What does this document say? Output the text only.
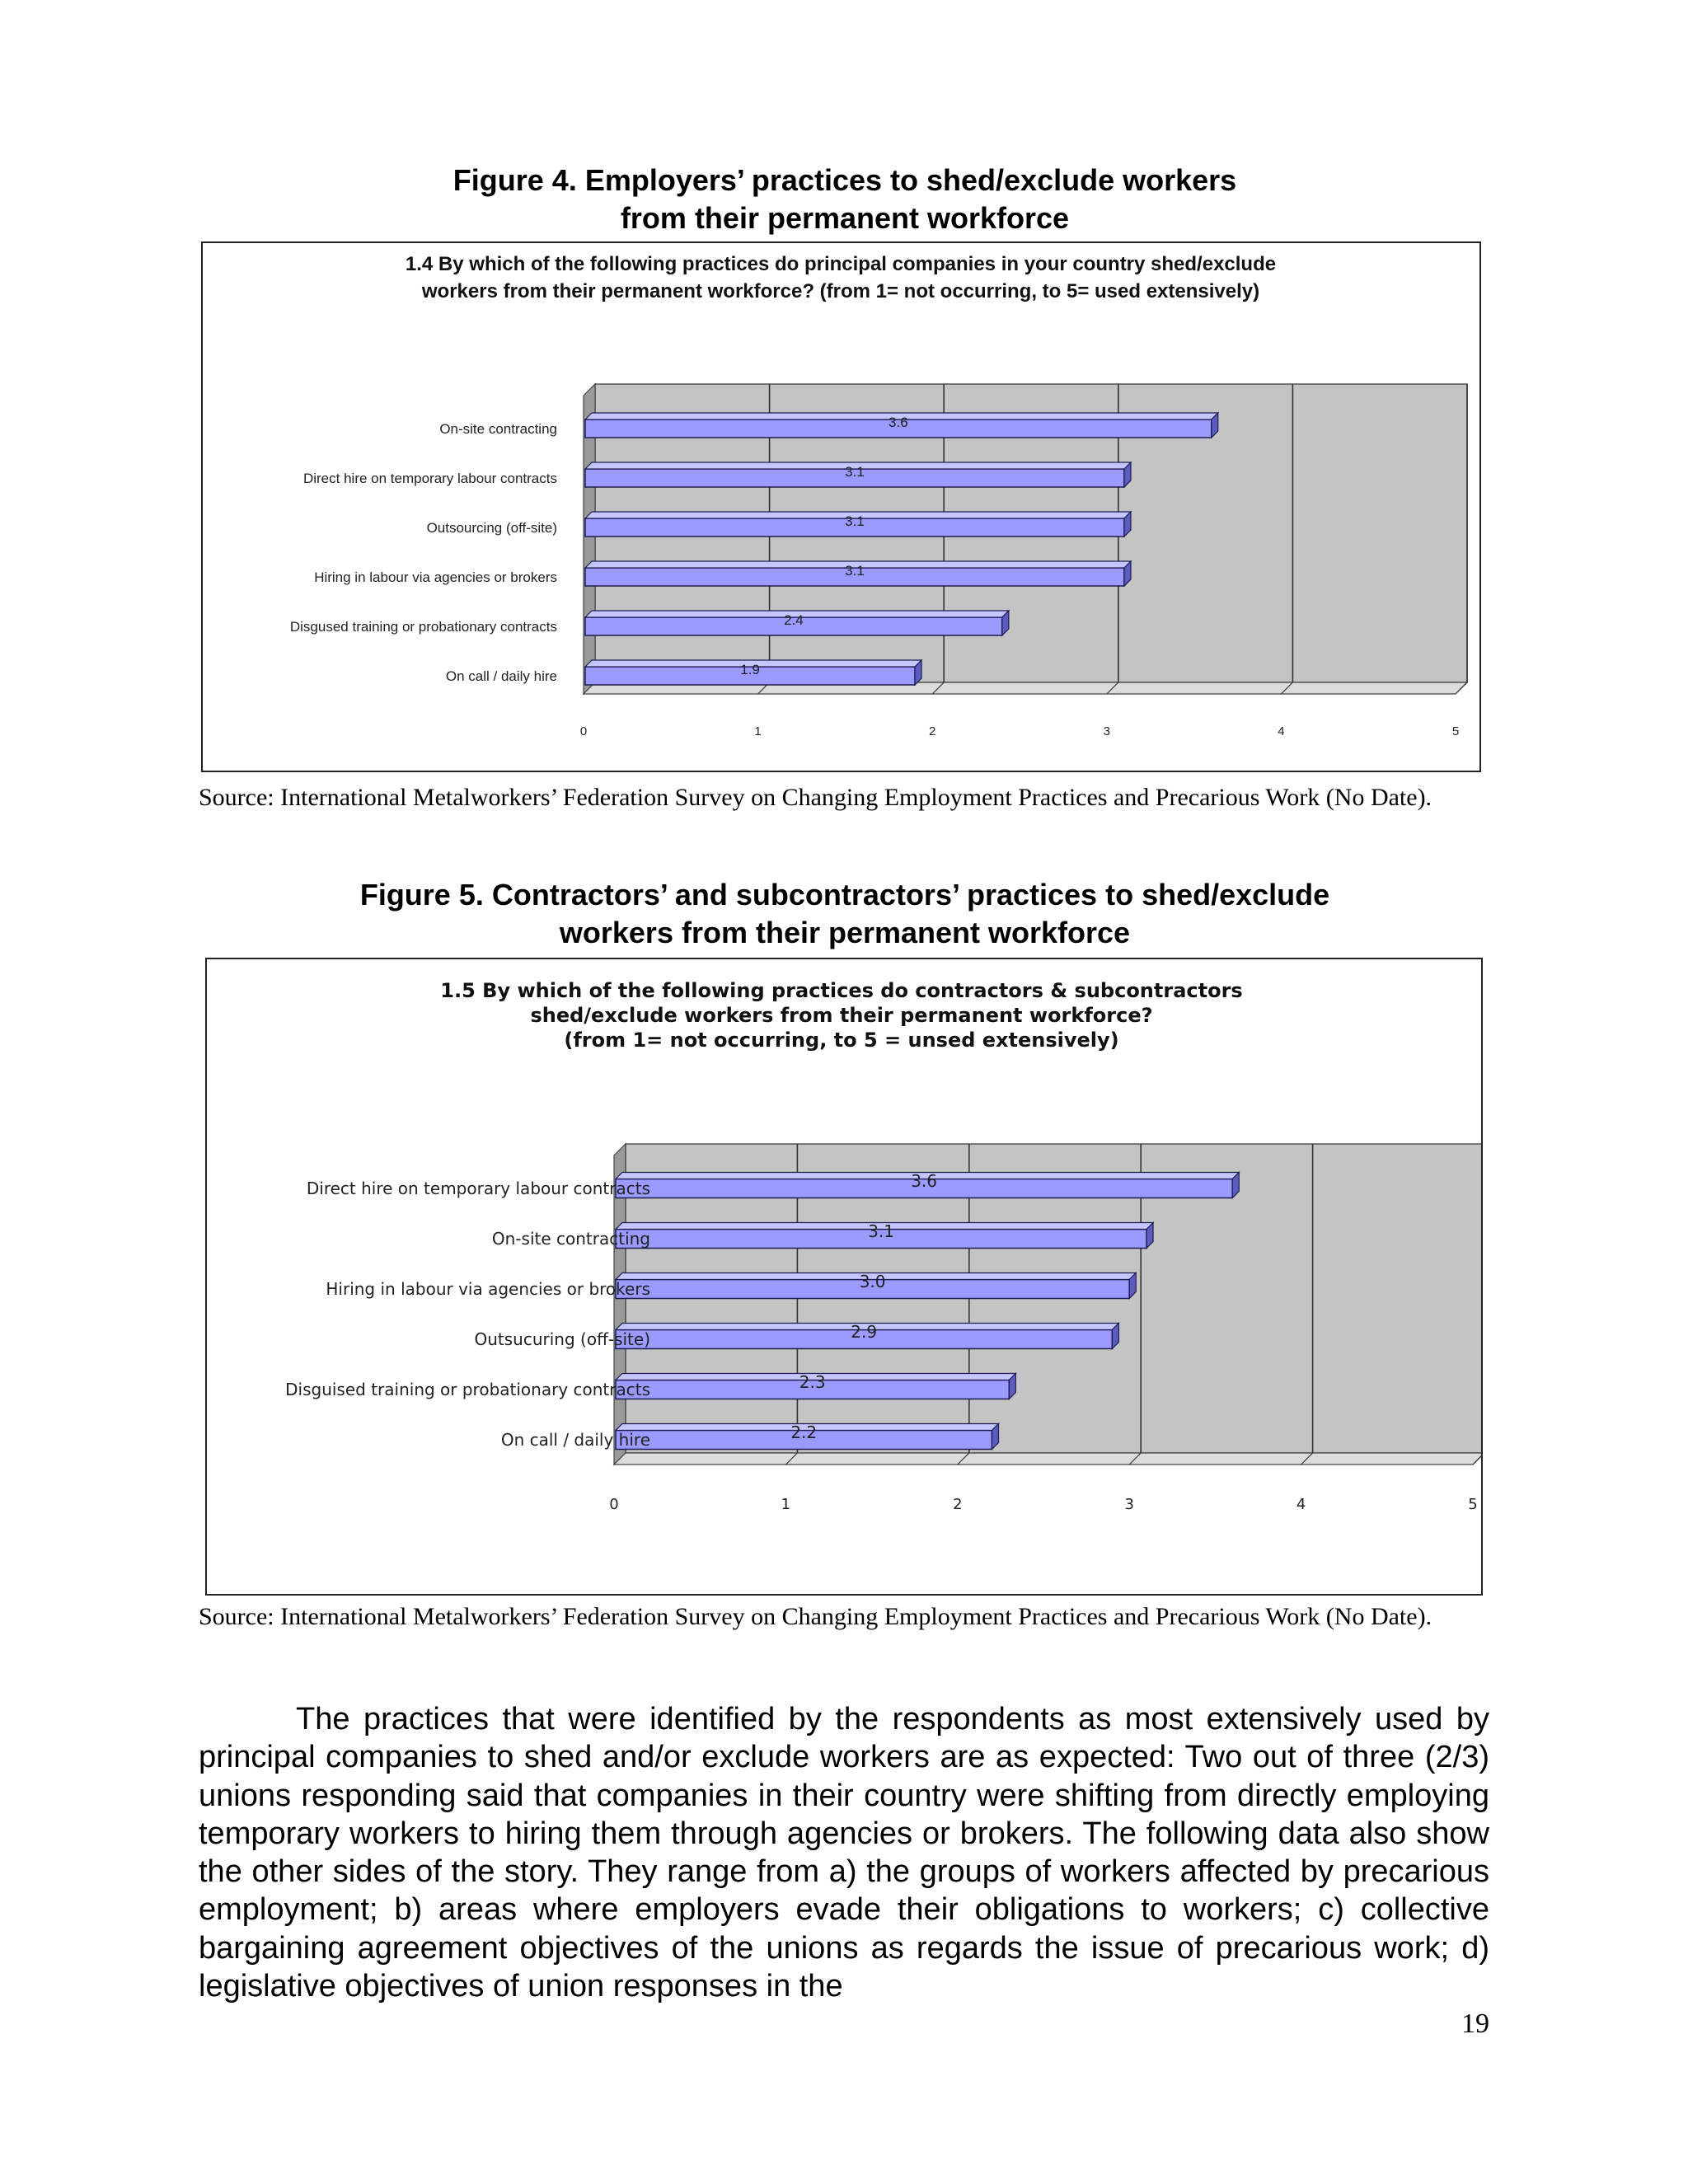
Figure 4. Employers’ practices to shed/exclude workers
from their permanent workforce
1.4 By which of the following practices do principal companies in your country shed/exclude
workers from their permanent workforce? (from 1= not occurring, to 5= used extensively)
0	1	2	3	4	5
3.6
On-site contracting
3.1
Direct hire on temporary labour contracts
3.1
Outsourcing (off-site)
3.1
Hiring in labour via agencies or brokers
2.4
Disgused training or probationary contracts
1.9
On call / daily hire
Source: International Metalworkers’ Federation Survey on Changing Employment Practices and Precarious Work (No Date).
Figure 5. Contractors’ and subcontractors’ practices to shed/exclude
workers from their permanent workforce
1.5 By which of the following practices do contractors & subcontractors
shed/exclude workers from their permanent workforce?
(from 1= not occurring, to 5 = unsed extensively)
0	1	2	3	4	5
3.6
Direct hire on temporary labour contracts
3.1
On-site contracting
3.0
Hiring in labour via agencies or brokers
2.9
Outsucuring (off-site)
2.3
Disguised training or probationary contracts
2.2
On call / daily hire
Source: International Metalworkers’ Federation Survey on Changing Employment Practices and Precarious Work (No Date).

The practices that were identified by the respondents as most extensively used by principal companies to shed and/or exclude workers are as expected: Two out of three (2/3) unions responding said that companies in their country were shifting from directly employing temporary workers to hiring them through agencies or brokers. The following data also show the other sides of the story. They range from a) the groups of workers affected by precarious employment; b) areas where employers evade their obligations to workers; c) collective bargaining agreement objectives of the unions as regards the issue of precarious work; d) legislative objectives of union responses in the

19
